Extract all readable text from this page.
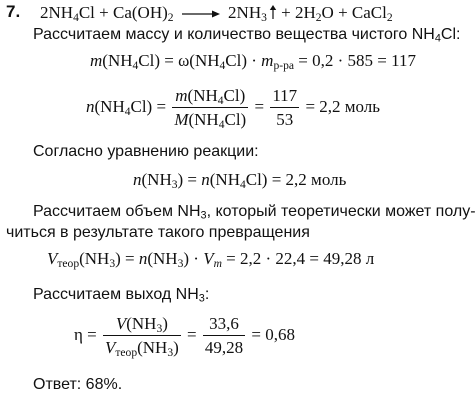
7. $2NH_4Cl + Ca(OH)_2 \to 2NH_3 + 2H_2O$ + CaCl$_2$
Рассчитаем массу и количество вещества чистого $NH_4Cl$:
$m(NH_4Cl) = \omega(NH_4Cl) \cdot m_{р-ра} = 0,2 \cdot 585 = 117$
$n(NH_4Cl) = \frac{m(NH_4Cl)}{M(NH_4Cl)} = \frac{117}{53} = 2,2$ моль
Согласно уравнению реакции:
$n(NH_3) = n(NH_4Cl) = 2,2$ моль
Рассчитаем объем $NH_3$, который теоретически может полу-
читься в результате такого превращения
$V_{теор}(NH_3) = n(NH_3) \cdot V_m = 2,2 \cdot 22,4 = 49,28$ л
Рассчитаем выход $NH_3$:
$\eta = \frac{V(NH_3)}{V_{теор}(NH_3)} = \frac{33,6}{49,28} = 0,68$
Ответ: 68%.
